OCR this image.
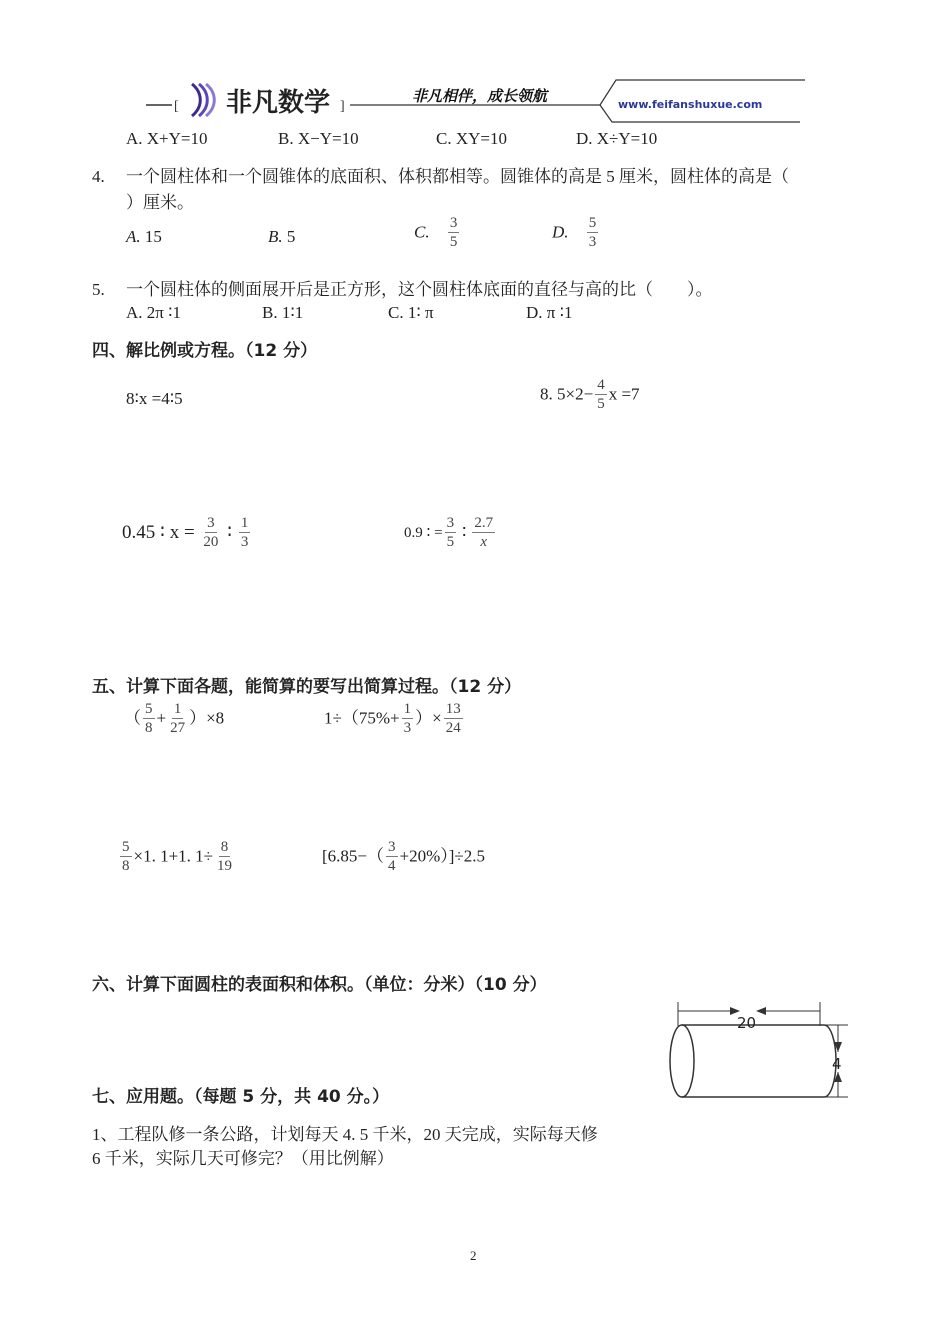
[	]
非凡数学	非凡相伴，成长领航	www.feifanshuxue.com
A. X+Y=10	B. X−Y=10	C. XY=10	D. X÷Y=10
4. 一个圆柱体和一个圆锥体的底面积、体积都相等。圆锥体的高是 5 厘米，圆柱体的高是（
）厘米。
A. 15	B. 5	C. $\frac{3}{5}$	D. $\frac{5}{3}$
5. 一个圆柱体的侧面展开后是正方形，这个圆柱体底面的直径与高的比（　　）。
A. 2π ∶1	B. 1∶1	C. 1∶ π	D. π ∶1
四、解比例或方程。（12 分）
8∶x =4∶5	8. $5\times 2- \frac{4}{5}$ x =7
0.45 ∶ $x = \frac{3}{20}$ ∶ $\frac{1}{3}$	0.9 ∶ = $\frac{3}{5}$ ∶ $\frac{2.7}{x}$
五、计算下面各题，能简算的要写出简算过程。（12 分）
（ $\frac{5}{8} + \frac{1}{27} )\times 8$	$1\div(75\%+ \frac{1}{3}$ ）× $\frac{13}{24}$
$\frac{5}{8} \times 1$. 1+1. $1\div \frac{8}{19}$	$[6.85-( \frac{3}{4} +20\%)]\div 2.5$
六、计算下面圆柱的表面积和体积。（单位：分米）（10 分）
20
4
七、应用题。（每题 5 分，共 40 分。）
1、工程队修一条公路，计划每天 4. 5 千米，20 天完成，实际每天修
6 千米，实际几天可修完？（用比例解）
2
